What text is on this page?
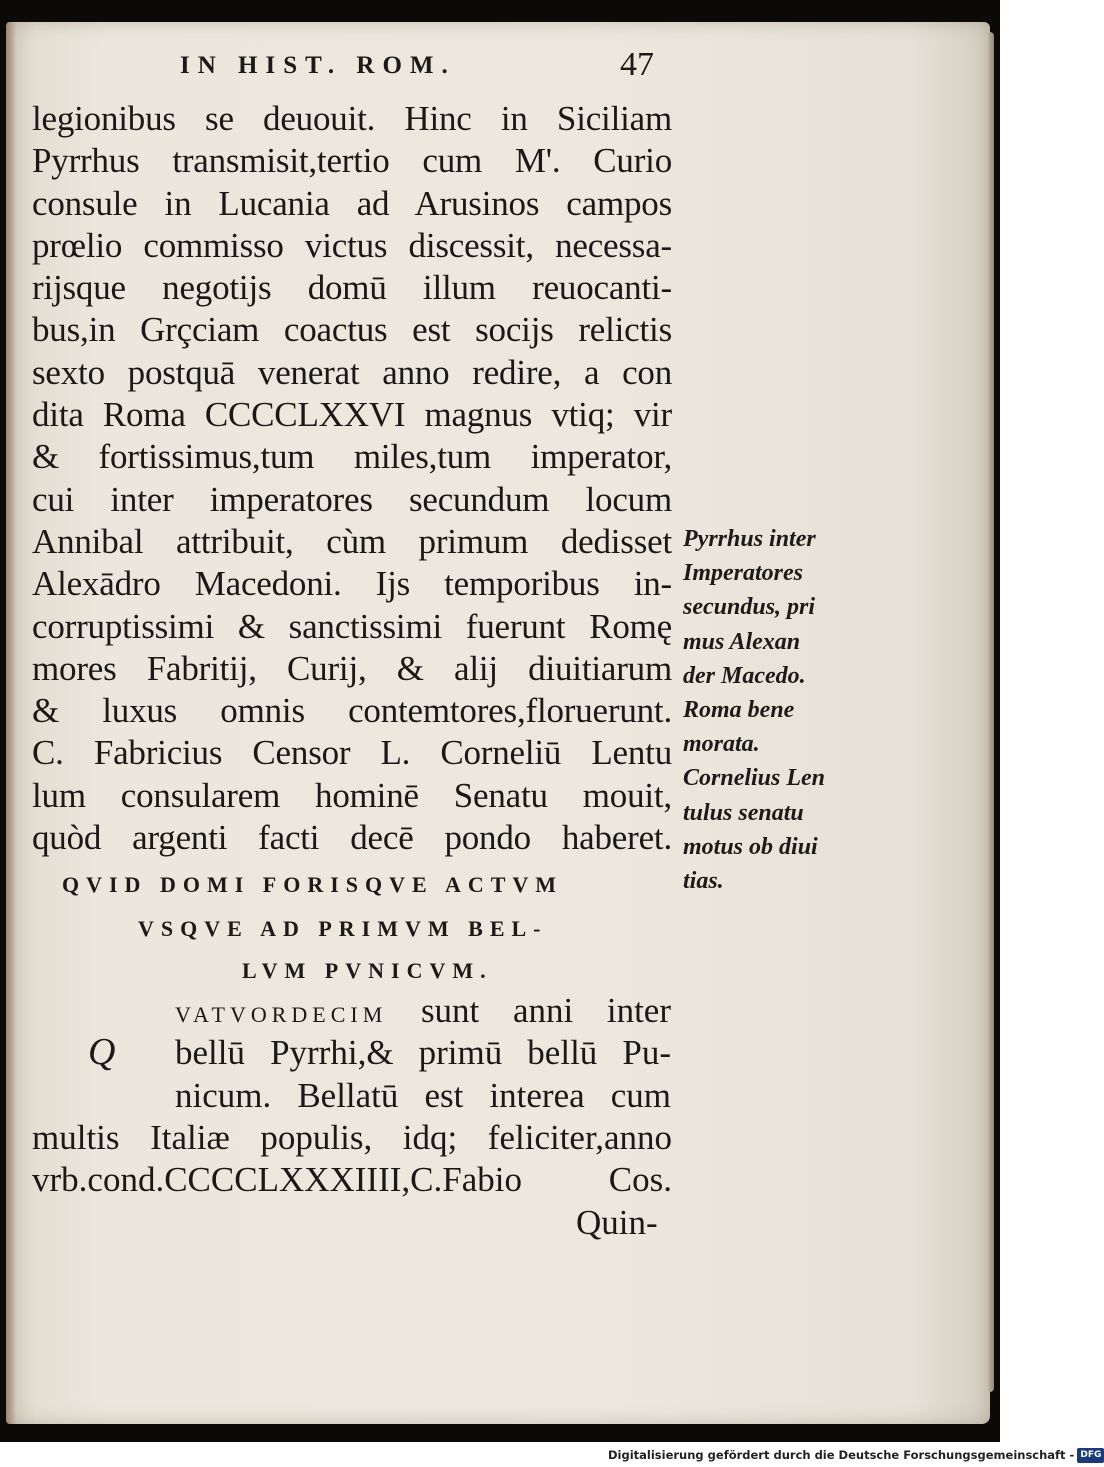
IN HIST. ROM.	47
legionibus se deuouit. Hinc in Siciliam
Pyrrhus transmisit,tertio cum M'. Curio
consule in Lucania ad Arusinos campos
prœlio commisso victus discessit, necessa-
rijsque negotijs domū illum reuocanti-
bus,in Grçciam coactus est socijs relictis
sexto postquā venerat anno redire, a con
dita Roma CCCCLXXVI magnus vtiq; vir
& fortissimus,tum miles,tum imperator,
cui inter imperatores secundum locum
Annibal attribuit, cùm primum dedisset
Alexādro Macedoni. Ijs temporibus in-
corruptissimi & sanctissimi fuerunt Romę
mores Fabritij, Curij, & alij diuitiarum
& luxus omnis contemtores,floruerunt.
C. Fabricius Censor L. Corneliū Lentu
lum consularem hominē Senatu mouit,
quòd argenti facti decē pondo haberet.
Pyrrhus inter
Imperatores
secundus, pri
mus Alexan
der Macedo.
Roma bene
morata.
Cornelius Len
tulus senatu
motus ob diui
tias.

QVID DOMI FORISQVE ACTVM

VSQVE AD PRIMVM BEL-

LVM PVNICVM.

Q
VATVORDECIM sunt anni inter
bellū Pyrrhi,& primū bellū Pu-
nicum. Bellatū est interea cum
multis Italiæ populis, idq; feliciter,anno
vrb.cond.CCCCLXXXIIII,C.Fabio Cos.
Quin-
Digitalisierung gefördert durch die Deutsche Forschungsgemeinschaft - DFG
